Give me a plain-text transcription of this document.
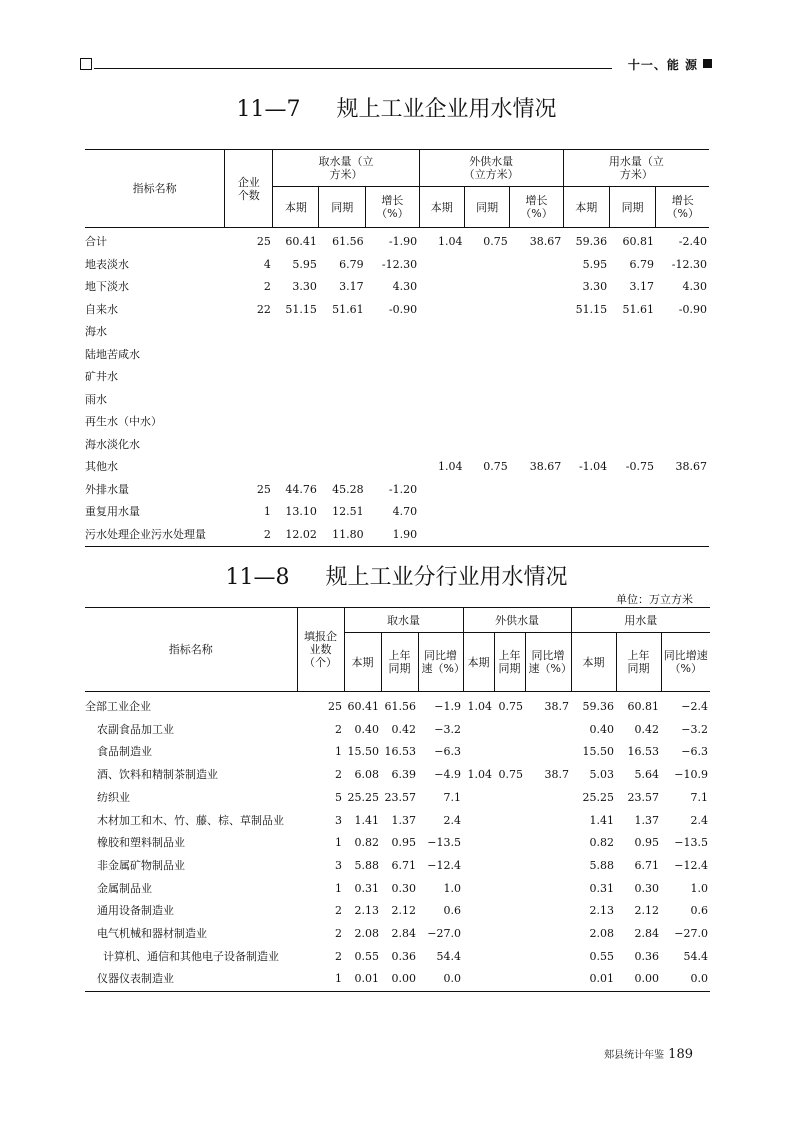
十一、能 源
11—7 规上工业企业用水情况
指标名称	企业个数	取水量（立方米）			外供水量（立方米）			用水量（立方米）		
		本期	同期	增长（%）	本期	同期	增长（%）	本期	同期	增长（%）
合计	25	60.41	61.56	-1.90	1.04	0.75	38.67	59.36	60.81	-2.40
地表淡水	4	5.95	6.79	-12.30				5.95	6.79	-12.30
地下淡水	2	3.30	3.17	4.30				3.30	3.17	4.30
自来水	22	51.15	51.61	-0.90				51.15	51.61	-0.90
海水										
陆地苦咸水										
矿井水										
雨水										
再生水（中水）										
海水淡化水										
其他水					1.04	0.75	38.67	-1.04	-0.75	38.67
外排水量	25	44.76	45.28	-1.20						
重复用水量	1	13.10	12.51	4.70						
污水处理企业污水处理量	2	12.02	11.80	1.90						
11—8 规上工业分行业用水情况
单位：万立方米
指标名称	填报企业数（个）	取水量			外供水量			用水量		
		本期	上年同期	同比增速（%）	本期	上年同期	同比增速（%）	本期	上年同期	同比增速（%）
全部工业企业	25	60.41	61.56	−1.9	1.04	0.75	38.7	59.36	60.81	−2.4
农副食品加工业	2	0.40	0.42	−3.2				0.40	0.42	−3.2
食品制造业	1	15.50	16.53	−6.3				15.50	16.53	−6.3
酒、饮料和精制茶制造业	2	6.08	6.39	−4.9	1.04	0.75	38.7	5.03	5.64	−10.9
纺织业	5	25.25	23.57	7.1				25.25	23.57	7.1
木材加工和木、竹、藤、棕、草制品业	3	1.41	1.37	2.4				1.41	1.37	2.4
橡胶和塑料制品业	1	0.82	0.95	−13.5				0.82	0.95	−13.5
非金属矿物制品业	3	5.88	6.71	−12.4				5.88	6.71	−12.4
金属制品业	1	0.31	0.30	1.0				0.31	0.30	1.0
通用设备制造业	2	2.13	2.12	0.6				2.13	2.12	0.6
电气机械和器材制造业	2	2.08	2.84	−27.0				2.08	2.84	−27.0
计算机、通信和其他电子设备制造业	2	0.55	0.36	54.4				0.55	0.36	54.4
仪器仪表制造业	1	0.01	0.00	0.0				0.01	0.00	0.0
郏县统计年鉴 189
